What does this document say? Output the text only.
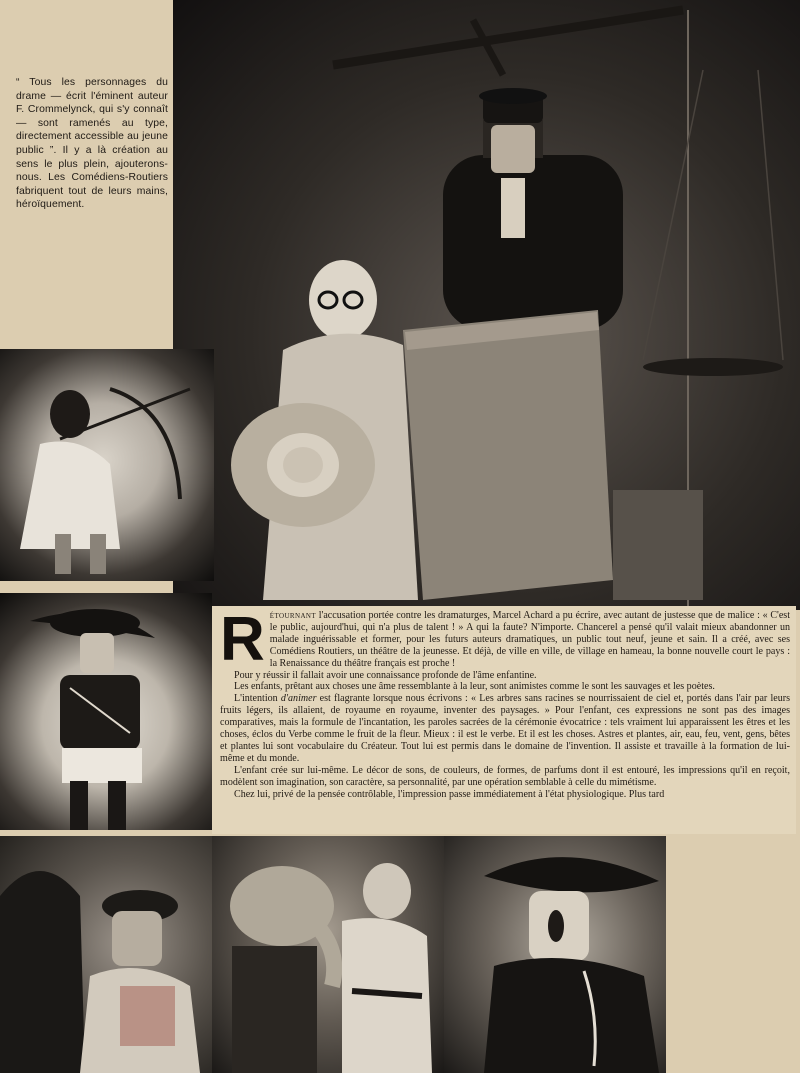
“ Tous les personnages du drame — écrit l'éminent auteur F. Crommelynck, qui s'y connaît — sont ramenés au type, directement accessible au jeune public ”. Il y a là création au sens le plus plein, ajouterons-nous. Les Comédiens-Routiers fabriquent tout de leurs mains, héroïquement.
R étournant l'accusation portée contre les dramaturges, Marcel Achard a pu écrire, avec autant de justesse que de malice : « C'est le public, aujourd'hui, qui n'a plus de talent ! » A qui la faute? N'importe. Chancerel a pensé qu'il valait mieux abandonner un malade inguérissable et former, pour les futurs auteurs dramatiques, un public tout neuf, jeune et sain. Il a créé, avec ses Comédiens Routiers, un théâtre de la jeunesse. Et déjà, de ville en ville, de village en hameau, la bonne nouvelle court le pays : la Renaissance du théâtre français est proche !

Pour y réussir il fallait avoir une connaissance profonde de l'âme enfantine.

Les enfants, prêtant aux choses une âme ressemblante à la leur, sont animistes comme le sont les sauvages et les poètes.

L'intention d'animer est flagrante lorsque nous écrivons : « Les arbres sans racines se nourrissaient de ciel et, portés dans l'air par leurs fruits légers, ils allaient, de royaume en royaume, inventer des paysages. » Pour l'enfant, ces expressions ne sont pas des images comparatives, mais la formule de l'incantation, les paroles sacrées de la cérémonie évocatrice : tels vraiment lui apparaissent les êtres et les choses, éclos du Verbe comme le fruit de la fleur. Mieux : il est le verbe. Et il est les choses. Astres et plantes, air, eau, feu, vent, gens, bêtes et plantes lui sont vocabulaire du Créateur. Tout lui est permis dans le domaine de l'invention. Il assiste et travaille à la formation de lui-même et du monde.

L'enfant crée sur lui-même. Le décor de sons, de couleurs, de formes, de parfums dont il est entouré, les impressions qu'il en reçoit, modèlent son imagination, son caractère, sa personnalité, par une opération semblable à celle du mimétisme.

Chez lui, privé de la pensée contrôlable, l'impression passe immédiatement à l'état physiologique. Plus tard
